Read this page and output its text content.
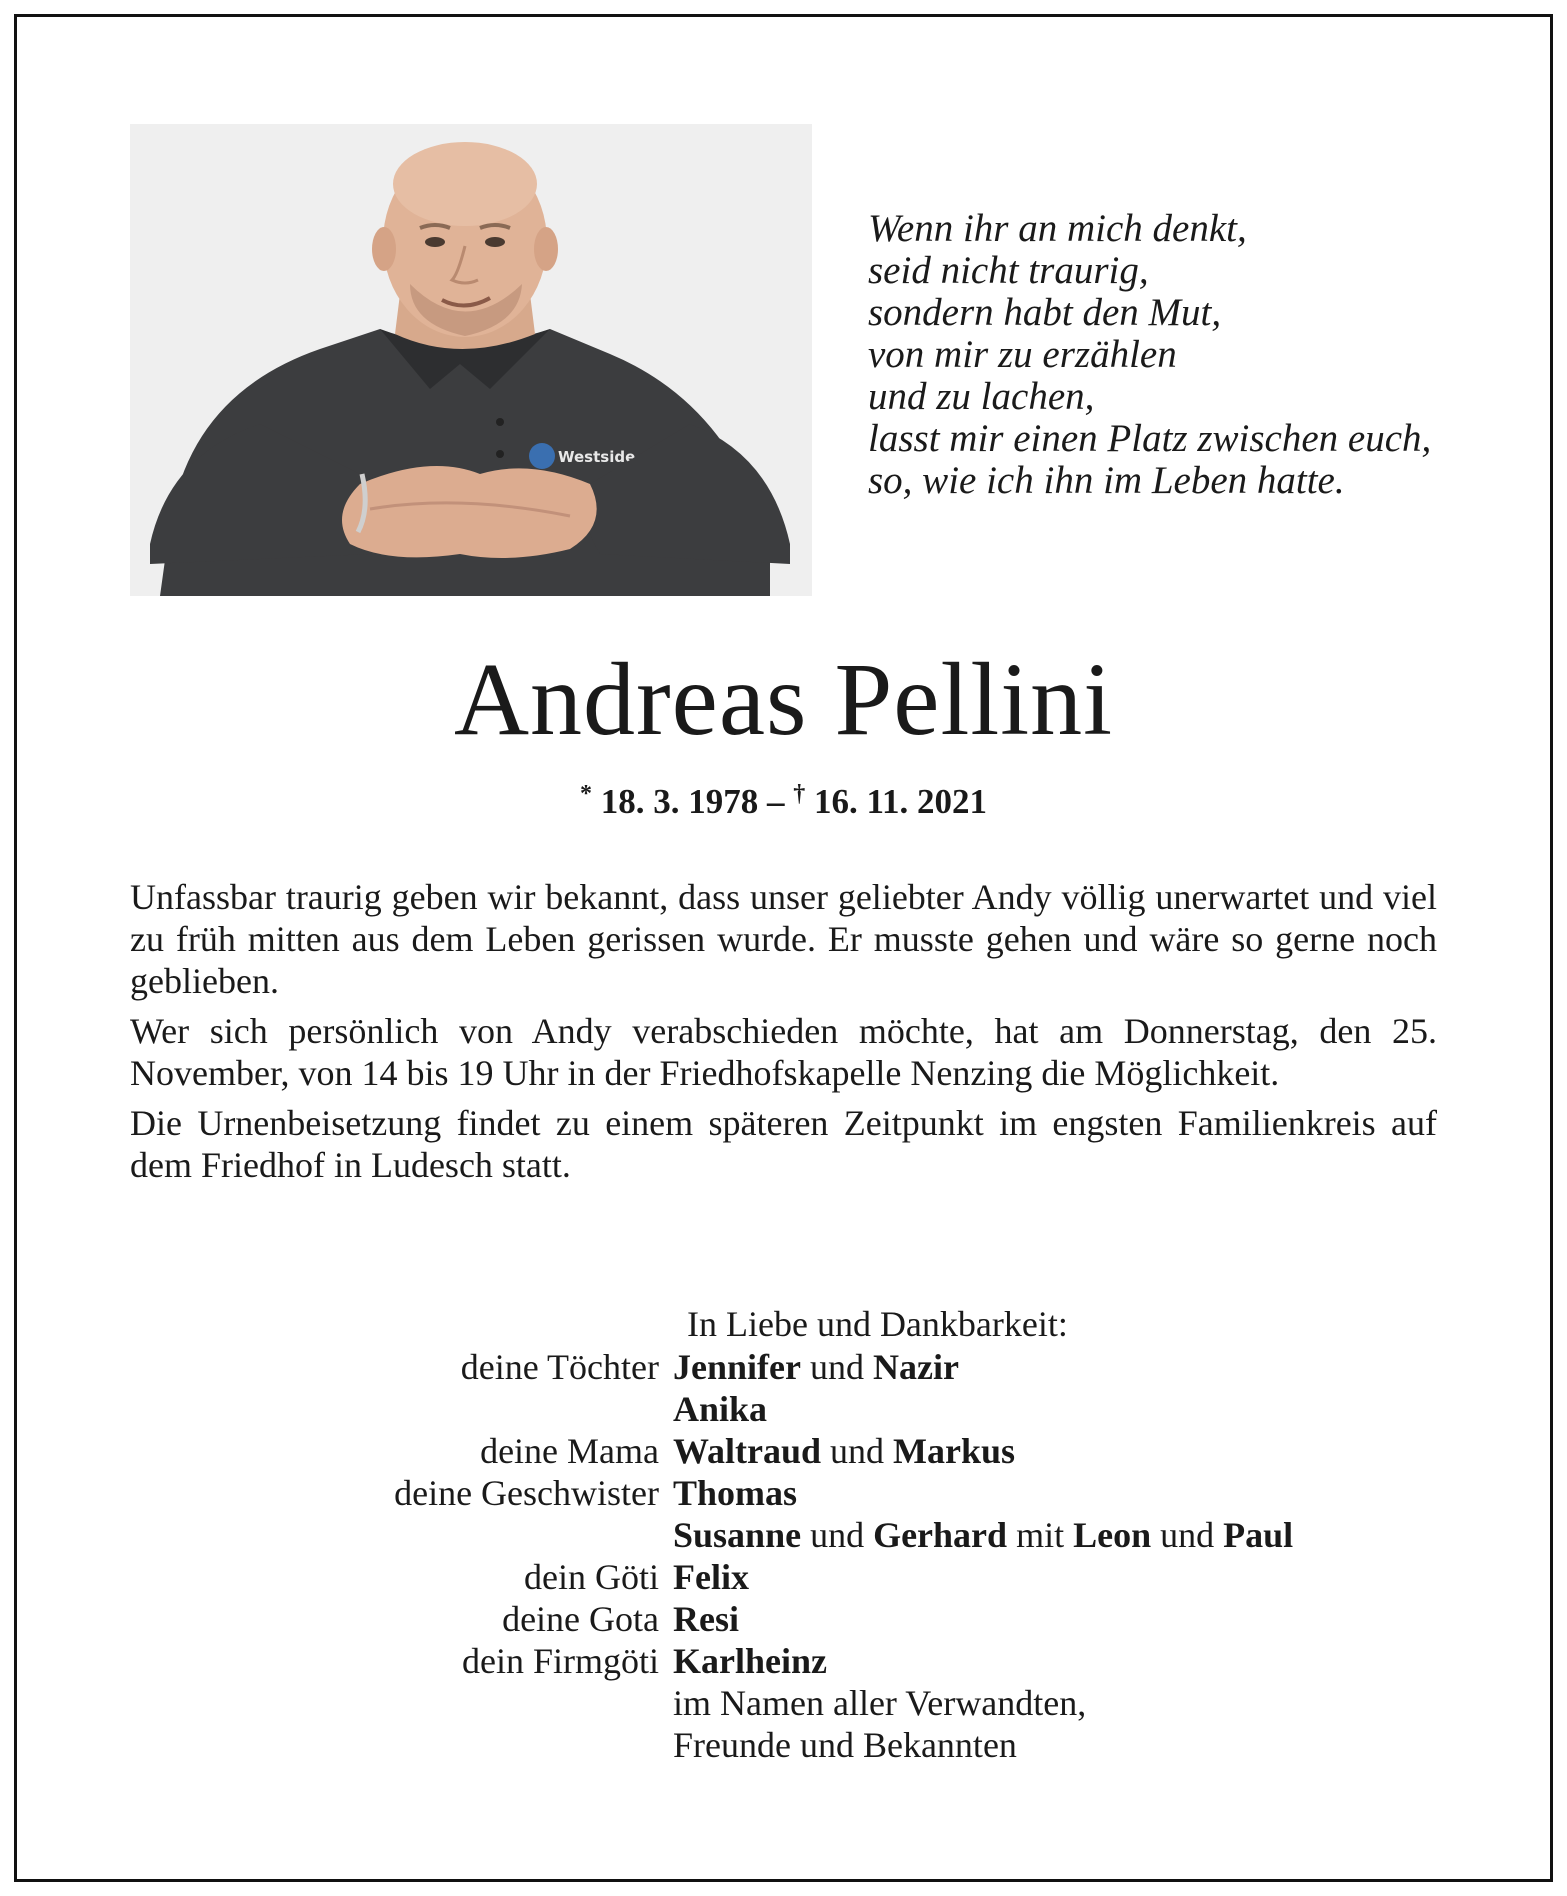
Westside
Wenn ihr an mich denkt,
seid nicht traurig,
sondern habt den Mut,
von mir zu erzählen
und zu lachen,
lasst mir einen Platz zwischen euch,
so, wie ich ihn im Leben hatte.
Andreas Pellini
* 18. 3. 1978 – † 16. 11. 2021

Unfassbar traurig geben wir bekannt, dass unser geliebter Andy völlig unerwartet und viel zu früh mitten aus dem Leben gerissen wurde. Er musste gehen und wäre so gerne noch geblieben.

Wer sich persönlich von Andy verabschieden möchte, hat am Donnerstag, den 25. November, von 14 bis 19 Uhr in der Friedhofskapelle Nenzing die Möglichkeit.

Die Urnenbeisetzung findet zu einem späteren Zeitpunkt im engsten Familienkreis auf dem Friedhof in Ludesch statt.

In Liebe und Dankbarkeit:
deine Töchter Jennifer und Nazir
Anika
deine Mama Waltraud und Markus
deine Geschwister Thomas
Susanne und Gerhard mit Leon und Paul
dein Göti Felix
deine Gota Resi
dein Firmgöti Karlheinz
im Namen aller Verwandten,
Freunde und Bekannten
